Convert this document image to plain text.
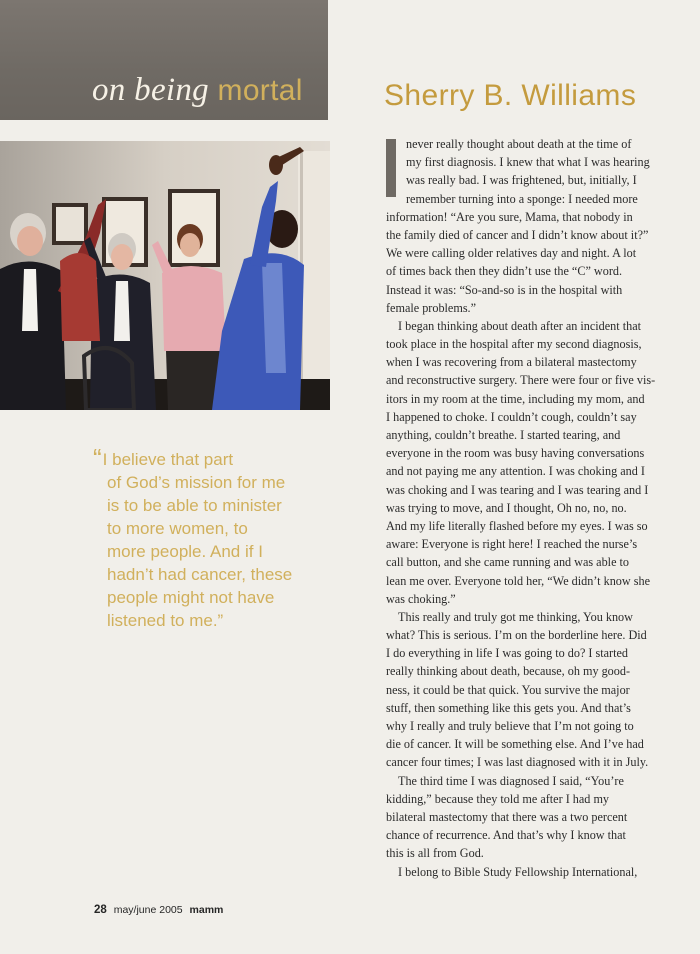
on being mortal	Sherry B. Williams
“I believe that part
of God’s mission for me
is to be able to minister
to more women, to
more people. And if I
hadn’t had cancer, these
people might not have
listened to me.”
never really thought about death at the time of
my first diagnosis. I knew that what I was hearing
was really bad. I was frightened, but, initially, I
remember turning into a sponge: I needed more
information! “Are you sure, Mama, that nobody in
the family died of cancer and I didn’t know about it?”
We were calling older relatives day and night. A lot
of times back then they didn’t use the “C” word.
Instead it was: “So-and-so is in the hospital with
female problems.”
I began thinking about death after an incident that
took place in the hospital after my second diagnosis,
when I was recovering from a bilateral mastectomy
and reconstructive surgery. There were four or five vis-
itors in my room at the time, including my mom, and
I happened to choke. I couldn’t cough, couldn’t say
anything, couldn’t breathe. I started tearing, and
everyone in the room was busy having conversations
and not paying me any attention. I was choking and I
was choking and I was tearing and I was tearing and I
was trying to move, and I thought, Oh no, no, no.
And my life literally flashed before my eyes. I was so
aware: Everyone is right here! I reached the nurse’s
call button, and she came running and was able to
lean me over. Everyone told her, “We didn’t know she
was choking.”
This really and truly got me thinking, You know
what? This is serious. I’m on the borderline here. Did
I do everything in life I was going to do? I started
really thinking about death, because, oh my good-
ness, it could be that quick. You survive the major
stuff, then something like this gets you. And that’s
why I really and truly believe that I’m not going to
die of cancer. It will be something else. And I’ve had
cancer four times; I was last diagnosed with it in July.
The third time I was diagnosed I said, “You’re
kidding,” because they told me after I had my
bilateral mastectomy that there was a two percent
chance of recurrence. And that’s why I know that
this is all from God.
I belong to Bible Study Fellowship International,
28 may/june 2005 mamm
